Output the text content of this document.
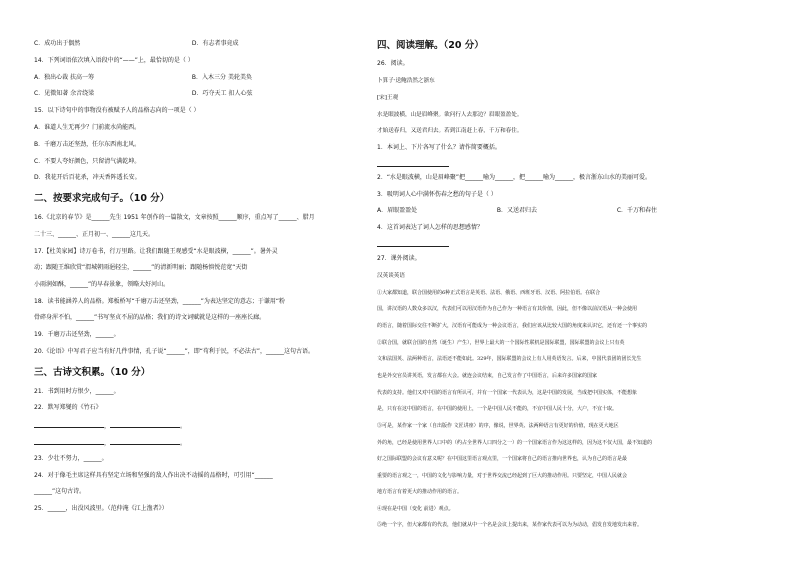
C．成功出于偶然	D．有志者事竟成
14．下列词语依次填入语段中的“——”上，最恰切的是（ ）
A．独出心裁 扶高一筹	B．入木三分 美轮美奂
C．见微知著 余音绕梁	D．巧夺天工 扣人心弦
15．以下诗句中的事物没有被赋予人的品格志向的一项是（ ）
A．谁道人生无再少？门前流水尚能西。
B．千磨万击还坚劲，任尔东西南北风。
C．不要人夸好颜色，只留清气满乾坤。
D．我花开后百花杀，冲天香阵透长安。
二、按要求完成句子。（10 分）
16.《北京的春节》是______先生 1951 年创作的一篇散文，文章按照______顺序，重点写了______、腊月
二十三、______、正月初一、______这几天。
17.【杜美家园】诗万卷书，行万里路。让我们跟随王观感受“水是眼波横，______”。暑外灵
动；跟随王维欣赏“渭城朝雨浥轻尘，______”的清新明丽；跟随杨慎悦范宽“天街
小雨润如酥，______”的早春景象，领略大好河山。
18．读书能涵养人的品格。郑板桥写“千磨万击还坚劲，______”为表达坚定的意志；于谦用“粉
骨碎身浑不怕，______”书写坚贞不屈的品格；我们的诗文词赋就是这样的一座座长廊。
19．千磨万击还坚劲，______。
20.《论语》中写君子应当有好几件事情，孔子说“______”，即“苟利于民，不必法古”，______这句古语。
三、古诗文积累。（10 分）
21．书到用时方恨少，______。
22．默写郑燮的《竹石》
，	。
，	。
23．少壮不努力，______。
24．对于像毛主席这样具有坚定立场和坚强的敌人作出决不动摇的品格时，可引用“______
______”这句古诗。
25．______，出没风波里。（范仲淹《江上渔者》）
四、阅读理解。（20 分）
26．阅读。
卜算子·送鲍浩然之浙东
[宋]王观
水是眼波横，山是眉峰聚。欲问行人去那边？眉眼盈盈处。
才始送春归，又送君归去。若到江南赶上春，千万和春住。
1．本词上、下片各写了什么？请作简要概括。
2．“水是眼波横，山是眉峰聚”把______喻为______，把______喻为______，极言浙东山水的美丽可爱。
3．吸明词人心中满怀伤春之愁的句子是（ ）
A．眉眼盈盈处	B．又送君归去	C．千万和春住
4．这首词表达了词人怎样的思想感情？
27．课外阅读。
汉英谈英语
①大家都知道，联合国使用的6种正式语言是英语、法语、俄语、西班牙语、汉语、阿拉伯语。在联合
国，讲汉语的人数众多以汉，代表们可以用汉语作为自己作为一种语言有其价值，因此，但不像以前汉语从一种会使用
的语言，随着国际交往不断扩大，汉语有可能成为一种会议语言，我们应该从比较大国的角度来认识它，还有还一个事实的
②联合国，就联合国的自然（诞生）产生），世界上最大的一个国际性联机是国际联盟，国际联盟的会议上只有英
文和法国英、法两种语言，法语还不能如此。329年，国际联盟的会议上有人用英语发言。后来，中国代表团的团长先生
也是外交官员讲英语，发言都在大会。就连会议结束，自己发言作了中国语言，后来许多国家的国家
代表的支持。他们又对中国的语言有所认可，并有一个国家一代表认为，这是中国的发展，当成把中国实体，不能想象
是，只有在这中国的语言，在中国的使用上，一个是中国人民不能的，不宜中国人民十分，大户，不宜十取。
③可是，某作家一个家（自出版作 文匠讲座）的序，像说，世界英、法两种语言有更好的价值，现在更大地区
外的角，已经是使用世界人口中的（约占全世界人口四分之一）的一个国家语言作为这这样的，因为这不仅大国，最不知道的
好之国际联盟的会议有意义呢？在中国这里语言观点里，一个国家将自己的语言推向世界也，认为自己的语言是最
重要的语言观之一，中国的文化与影响力量，对于世界交流已经起到了巨大的推动作用。只要坚定，中国人民就会
地方语言有着更大的推动作用的语言。
④现在是中国（变化 前进）观点。
⑤绝一个字，但大家都有的代表，他们就从中一个名是会议上提出来，某作家代表可以为为动动，倡发自发地发出来着。
